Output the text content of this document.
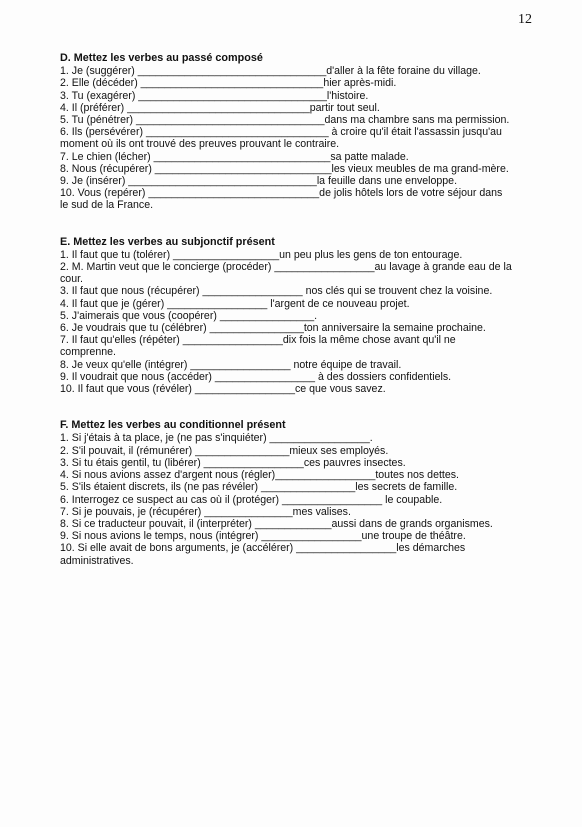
12

D. Mettez les verbes au passé composé

1. Je (suggérer) ________________________________d'aller à la fête foraine du village.

2. Elle (décéder) _______________________________hier après-midi.

3. Tu (exagérer) ________________________________l'histoire.

4. Il (préférer) _______________________________partir tout seul.

5. Tu (pénétrer) ________________________________dans ma chambre sans ma permission.

6. Ils (persévérer) _______________________________ à croire qu'il était l'assassin jusqu'au moment où ils ont trouvé des preuves prouvant le contraire.

7. Le chien (lécher) ______________________________sa patte malade.

8. Nous (récupérer) ______________________________les vieux meubles de ma grand-mère.

9. Je (insérer) ________________________________la feuille dans une enveloppe.

10. Vous (repérer) _____________________________de jolis hôtels lors de votre séjour dans le sud de la France.

E. Mettez les verbes au subjonctif présent

1. Il faut que tu (tolérer) __________________un peu plus les gens de ton entourage.

2. M. Martin veut que le concierge (procéder) _________________au lavage à grande eau de la cour.

3. Il faut que nous (récupérer) _________________ nos clés qui se trouvent chez la voisine.

4. Il faut que je (gérer) _________________ l'argent de ce nouveau projet.

5. J'aimerais que vous (coopérer) ________________.

6. Je voudrais que tu (célébrer) ________________ton anniversaire la semaine prochaine.

7. Il faut qu'elles (répéter) _________________dix fois la même chose avant qu'il ne comprenne.

8. Je veux qu'elle (intégrer) _________________ notre équipe de travail.

9. Il voudrait que nous (accéder) _________________ à des dossiers confidentiels.

10. Il faut que vous (révéler) _________________ce que vous savez.

F. Mettez les verbes au conditionnel présent

1. Si j'étais à ta place, je (ne pas s'inquiéter) _________________.

2. S'il pouvait, il (rémunérer) ________________mieux ses employés.

3. Si tu étais gentil, tu (libérer) _________________ces pauvres insectes.

4. Si nous avions assez d'argent nous (régler)_________________toutes nos dettes.

5. S'ils étaient discrets, ils (ne pas révéler) ________________les secrets de famille.

6. Interrogez ce suspect au cas où il (protéger) _________________ le coupable.

7. Si je pouvais, je (récupérer) _______________mes valises.

8. Si ce traducteur pouvait, il (interpréter) _____________aussi dans de grands organismes.

9. Si nous avions le temps, nous (intégrer) _________________une troupe de théâtre.

10. Si elle avait de bons arguments, je (accélérer) _________________les démarches administratives.
